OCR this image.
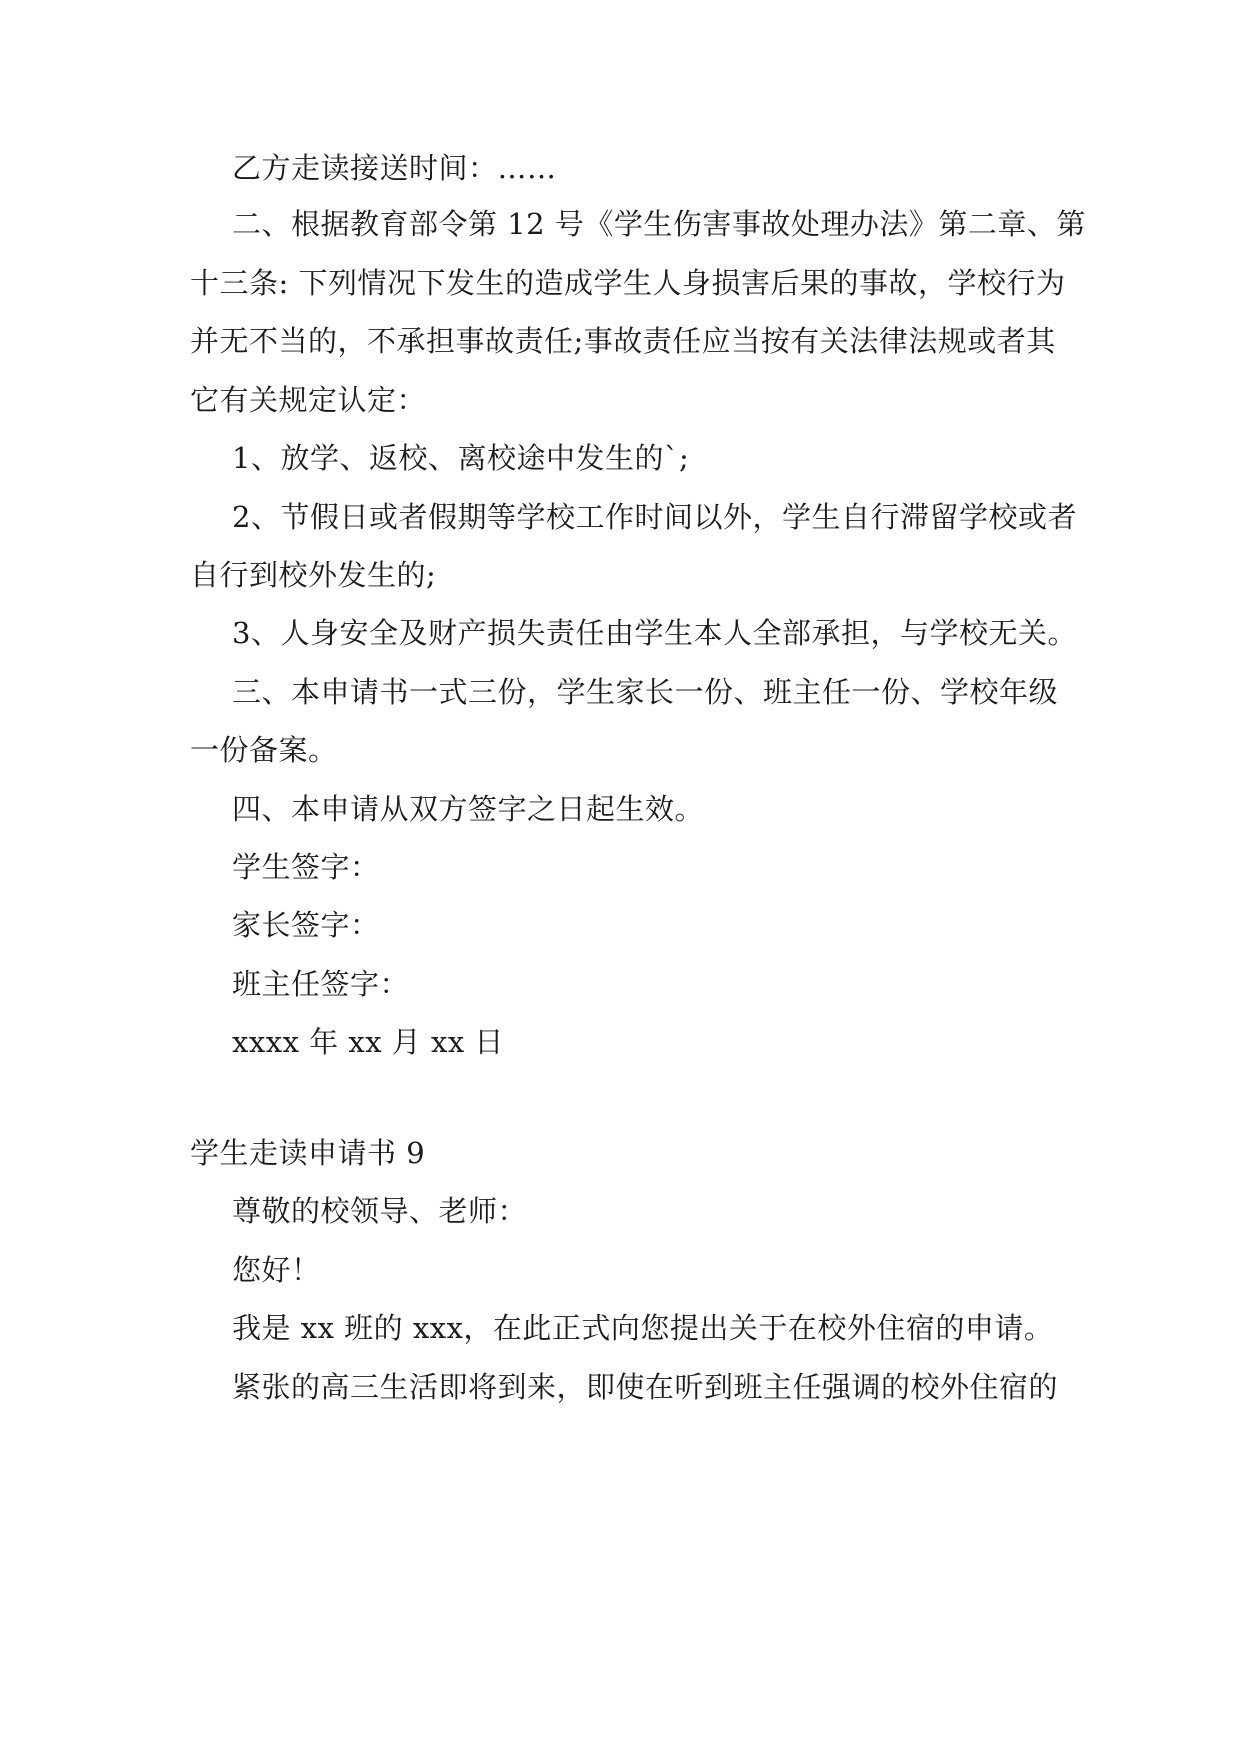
乙方走读接送时间：……
二、根据教育部令第 12 号《学生伤害事故处理办法》第二章、第
十三条: 下列情况下发生的造成学生人身损害后果的事故，学校行为
并无不当的，不承担事故责任;事故责任应当按有关法律法规或者其
它有关规定认定：
1、放学、返校、离校途中发生的`;
2、节假日或者假期等学校工作时间以外，学生自行滞留学校或者
自行到校外发生的;
3、人身安全及财产损失责任由学生本人全部承担，与学校无关。
三、本申请书一式三份，学生家长一份、班主任一份、学校年级
一份备案。
四、本申请从双方签字之日起生效。
学生签字：
家长签字：
班主任签字：
xxxx 年 xx 月 xx 日
学生走读申请书 9
尊敬的校领导、老师：
您好！
我是 xx 班的 xxx，在此正式向您提出关于在校外住宿的申请。
紧张的高三生活即将到来，即使在听到班主任强调的校外住宿的
